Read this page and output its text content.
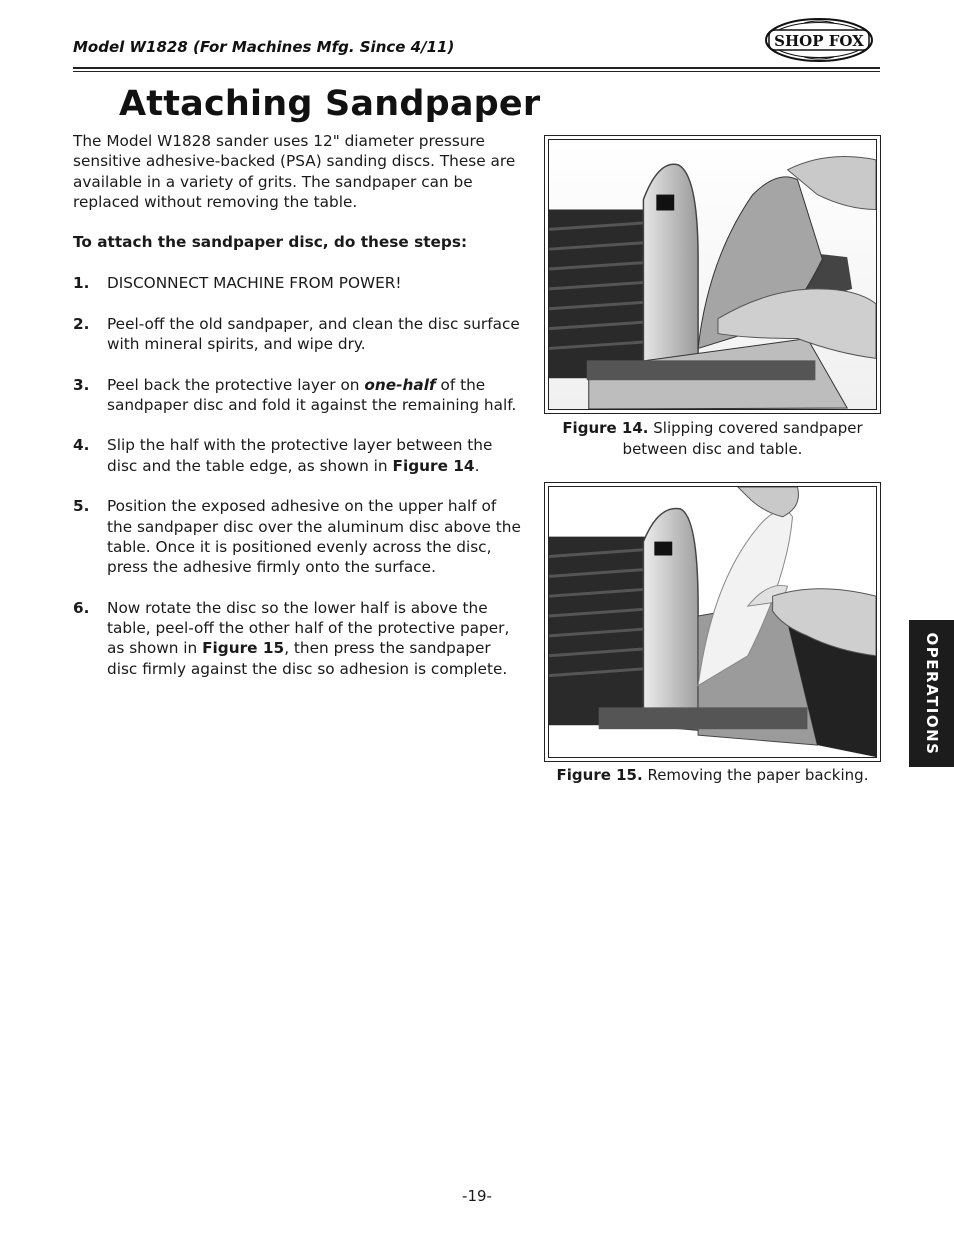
Model W1828 (For Machines Mfg. Since 4/11)	SHOP FOX
Attaching Sandpaper

The Model W1828 sander uses 12" diameter pressure sensitive adhesive-backed (PSA) sanding discs. These are available in a variety of grits. The sandpaper can be replaced without removing the table.

To attach the sandpaper disc, do these steps:

1.	DISCONNECT MACHINE FROM POWER!
2.	Peel-off the old sandpaper, and clean the disc surface with mineral spirits, and wipe dry.
3.	Peel back the protective layer on one-half of the sandpaper disc and fold it against the remaining half.
4.	Slip the half with the protective layer between the disc and the table edge, as shown in Figure 14.
5.	Position the exposed adhesive on the upper half of the sandpaper disc over the aluminum disc above the table. Once it is positioned evenly across the disc, press the adhesive firmly onto the surface.
6.	Now rotate the disc so the lower half is above the table, peel-off the other half of the protective paper, as shown in Figure 15, then press the sandpaper disc firmly against the disc so adhesion is complete.
Figure 14. Slipping covered sandpaper
between disc and table.
Figure 15. Removing the paper backing.
OPERATIONS
-19-
